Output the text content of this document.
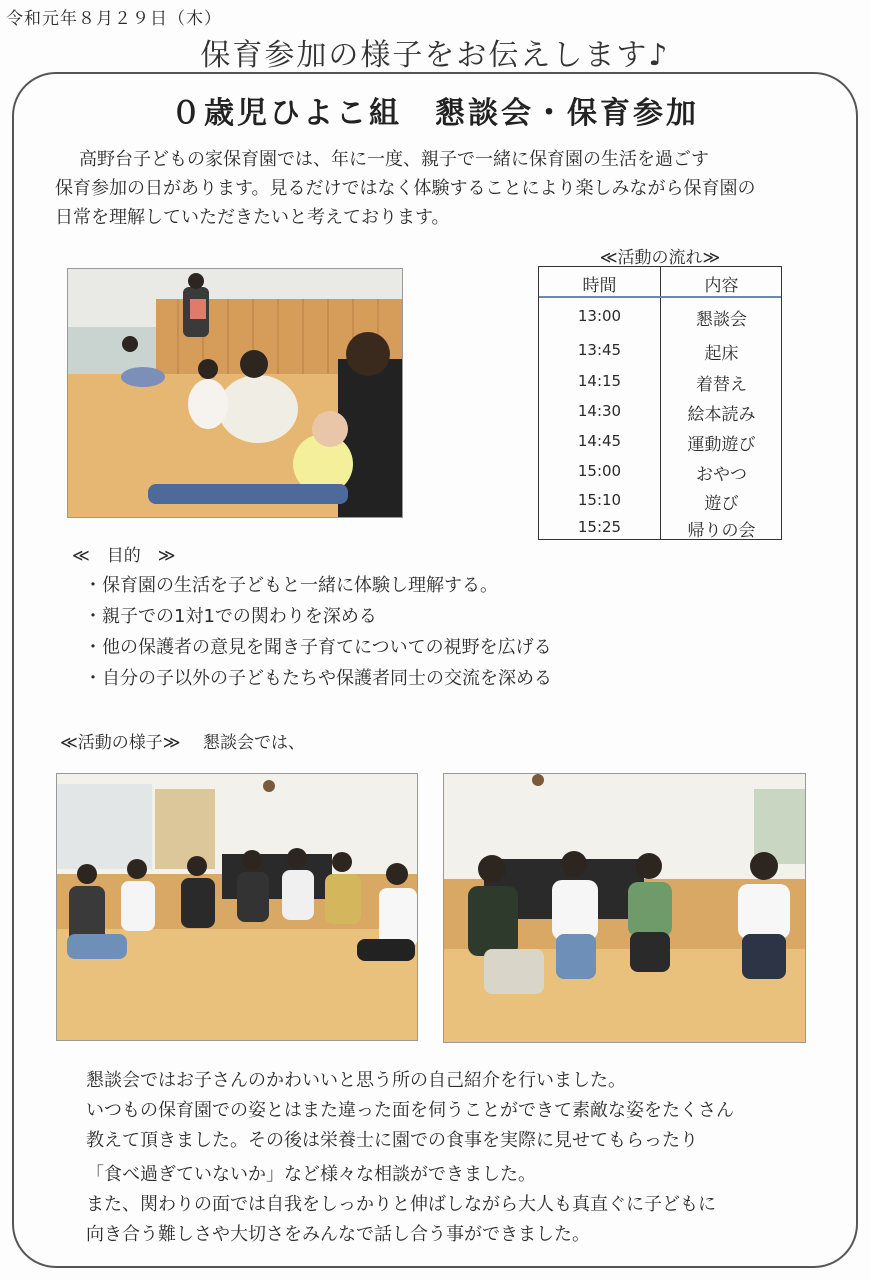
令和元年８月２９日（木）
保育参加の様子をお伝えします♪
０歳児ひよこ組　懇談会・保育参加

高野台子どもの家保育園では、年に一度、親子で一緒に保育園の生活を過ごす

保育参加の日があります。見るだけではなく体験することにより楽しみながら保育園の

日常を理解していただきたいと考えております。

≪活動の流れ≫
時間	内容
13:00	懇談会
13:45	起床
14:15	着替え
14:30	絵本読み
14:45	運動遊び
15:00	おやつ
15:10	遊び
15:25	帰りの会
≪　目的　≫
・ 保育園の生活を子どもと一緒に体験し理解する。
・ 親子での1対1での関わりを深める
・ 他の保護者の意見を聞き子育てについての視野を広げる
・ 自分の子以外の子どもたちや保護者同士の交流を深める
≪活動の様子≫　 懇談会では、

懇談会ではお子さんのかわいいと思う所の自己紹介を行いました。

いつもの保育園での姿とはまた違った面を伺うことができて素敵な姿をたくさん

教えて頂きました。その後は栄養士に園での食事を実際に見せてもらったり

「食べ過ぎていないか」など様々な相談ができました。

また、関わりの面では自我をしっかりと伸ばしながら大人も真直ぐに子どもに

向き合う難しさや大切さをみんなで話し合う事ができました。
